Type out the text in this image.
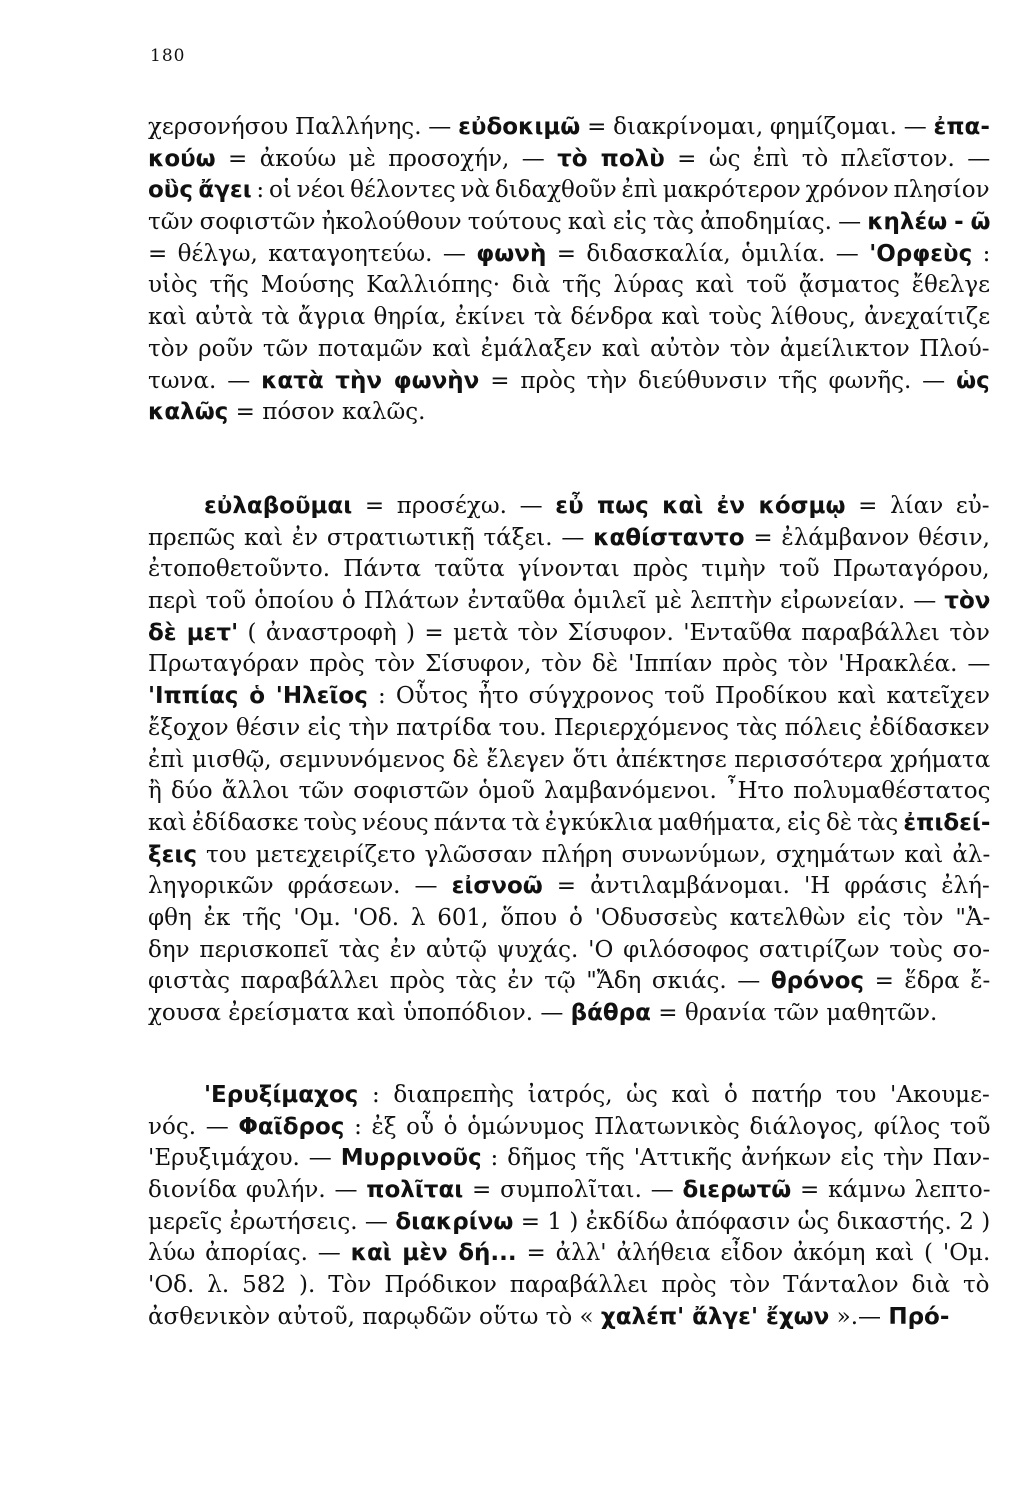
180
χερσονήσου Παλλήνης. — εὐδοκιμῶ = διακρίνομαι, φημίζομαι. — ἐπα-
κούω = ἀκούω μὲ προσοχήν, — τὸ πολὺ = ὡς ἐπὶ τὸ πλεῖστον. —
οὓς ἄγει : οἱ νέοι θέλοντες νὰ διδαχθοῦν ἐπὶ μακρότερον χρόνον πλησίον
τῶν σοφιστῶν ἠκολούθουν τούτους καὶ εἰς τὰς ἀποδημίας. — κηλέω - ῶ
= θέλγω, καταγοητεύω. — φωνὴ = διδασκαλία, ὁμιλία. — 'Ορφεὺς :
υἱὸς τῆς Μούσης Καλλιόπης· διὰ τῆς λύρας καὶ τοῦ ᾄσματος ἔθελγε
καὶ αὐτὰ τὰ ἄγρια θηρία, ἐκίνει τὰ δένδρα καὶ τοὺς λίθους, ἀνεχαίτιζε
τὸν ροῦν τῶν ποταμῶν καὶ ἐμάλαξεν καὶ αὐτὸν τὸν ἀμείλικτον Πλού-
τωνα. — κατὰ τὴν φωνὴν = πρὸς τὴν διεύθυνσιν τῆς φωνῆς. — ὡς
καλῶς = πόσον καλῶς.
εὐλαβοῦμαι = προσέχω. — εὖ πως καὶ ἐν κόσμῳ = λίαν εὐ-
πρεπῶς καὶ ἐν στρατιωτικῇ τάξει. — καθίσταντο = ἐλάμβανον θέσιν,
ἐτοποθετοῦντο. Πάντα ταῦτα γίνονται πρὸς τιμὴν τοῦ Πρωταγόρου,
περὶ τοῦ ὁποίου ὁ Πλάτων ἐνταῦθα ὁμιλεῖ μὲ λεπτὴν εἰρωνείαν. — τὸν
δὲ μετ' ( ἀναστροφὴ ) = μετὰ τὸν Σίσυφον. 'Ενταῦθα παραβάλλει τὸν
Πρωταγόραν πρὸς τὸν Σίσυφον, τὸν δὲ 'Ιππίαν πρὸς τὸν 'Ηρακλέα. —
'Ιππίας ὁ 'Ηλεῖος : Οὗτος ἦτο σύγχρονος τοῦ Προδίκου καὶ κατεῖχεν
ἔξοχον θέσιν εἰς τὴν πατρίδα του. Περιερχόμενος τὰς πόλεις ἐδίδασκεν
ἐπὶ μισθῷ, σεμνυνόμενος δὲ ἔλεγεν ὅτι ἀπέκτησε περισσότερα χρήματα
ἢ δύο ἄλλοι τῶν σοφιστῶν ὁμοῦ λαμβανόμενοι. ῏Ητο πολυμαθέστατος
καὶ ἐδίδασκε τοὺς νέους πάντα τὰ ἐγκύκλια μαθήματα, εἰς δὲ τὰς ἐπιδεί-
ξεις του μετεχειρίζετο γλῶσσαν πλήρη συνωνύμων, σχημάτων καὶ ἀλ-
ληγορικῶν φράσεων. — εἰσνοῶ = ἀντιλαμβάνομαι. 'Η φράσις ἐλή-
φθη ἐκ τῆς 'Ομ. 'Οδ. λ 601, ὅπου ὁ 'Οδυσσεὺς κατελθὼν εἰς τὸν "Ἀ-
δην περισκοπεῖ τὰς ἐν αὐτῷ ψυχάς. 'Ο φιλόσοφος σατιρίζων τοὺς σο-
φιστὰς παραβάλλει πρὸς τὰς ἐν τῷ "Ἄδη σκιάς. — θρόνος = ἕδρα ἔ-
χουσα ἐρείσματα καὶ ὑποπόδιον. — βάθρα = θρανία τῶν μαθητῶν.
'Ερυξίμαχος : διαπρεπὴς ἰατρός, ὡς καὶ ὁ πατήρ του 'Ακουμε-
νός. — Φαῖδρος : ἐξ οὗ ὁ ὁμώνυμος Πλατωνικὸς διάλογος, φίλος τοῦ
'Ερυξιμάχου. — Μυρρινοῦς : δῆμος τῆς 'Αττικῆς ἀνήκων εἰς τὴν Παν-
διονίδα φυλήν. — πολῖται = συμπολῖται. — διερωτῶ = κάμνω λεπτο-
μερεῖς ἐρωτήσεις. — διακρίνω = 1 ) ἐκδίδω ἀπόφασιν ὡς δικαστής. 2 )
λύω ἀπορίας. — καὶ μὲν δή... = ἀλλ' ἀλήθεια εἶδον ἀκόμη καὶ ( 'Ομ.
'Οδ. λ. 582 ). Τὸν Πρόδικον παραβάλλει πρὸς τὸν Τάνταλον διὰ τὸ
ἀσθενικὸν αὐτοῦ, παρῳδῶν οὕτω τὸ « χαλέπ' ἄλγε' ἔχων ».— Πρό-
